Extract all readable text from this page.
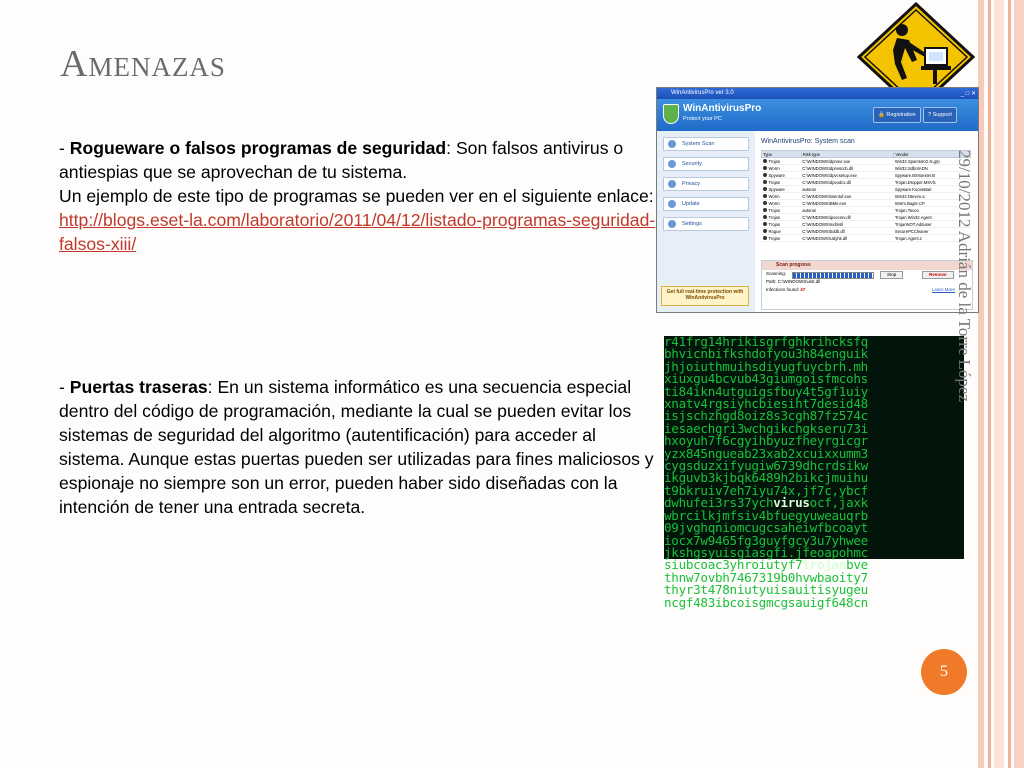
Amenazas
- Rogueware o falsos programas de seguridad: Son falsos antivirus o antiespias que se aprovechan de tu sistema.
Un ejemplo de este tipo de programas se pueden ver en el siguiente enlace:
http://blogs.eset-la.com/laboratorio/2011/04/12/listado-programas-seguridad-falsos-xiii/
WinAntivirusPro ver 3.0	_ □ ✕
WinAntivirusPro
Protect your PC
🔒 Registration	? Support
System Scan
Security
Privacy
Update
Settings
Get full real-time protection with WinAntivirusPro
WinAntivirusPro: System scan
Type	Risk type	Vendor
Trojan	C:\WINDOWS\dpnovr.exe	Win32.SpamtoKG.N.grp
Worm	C:\WINDOWS\dpnvsccb.dll	Win32.SdbotADN
Spyware	C:\WINDOWS\dpvcsetup.exe	Spyware.IEMonster.B
Trojan	C:\WINDOWS\dpvodcx.dll	Trojan.Dropper.MSVlc
Spyware	autorun	Spyware.KooveBait
Worm	C:\WINDOWS\ssentuf.exe	Win32.Nteven.a
Worm	C:\WINDOWS\BMs.exe	Worm.Bagle.CP
Trojan	autorun	Trojan.Tooco
Trojan	C:\WINDOWS\ipoecsrv.dll	Trojan.Win32.Agent
Trojan	C:\WINDOWS\mdmsll	TrojanNOT.Adduser
Rogue	C:\WINDOWS\bddb.dll	SecurePCCleaner
Trojan	C:\WINDOWS\Udyhk.dll	Trojan.Agent.z
Scan progress
Scanning:	Stop	Remove
Path: C:\WINDOWS\ulst.dll
Infections found: 47	Learn More
- Puertas traseras: En un sistema informático es una secuencia especial dentro del código de programación, mediante la cual se pueden evitar los sistemas de seguridad del algoritmo (autentificación) para acceder al sistema. Aunque estas puertas pueden ser utilizadas para fines maliciosos y espionaje no siempre son un error, pueden haber sido diseñadas con la intención de tener una entrada secreta.
r41frg14hrikisgrfghkrihcksfq
bhvicnbifkshdofyou3h84enguik
jhjoiuthmuihsdiyugfuycbrh.mh
xiuxgu4bcvub43giumgoisfmcohs
ti84ikn4utguigsfbuy4t5gf1uiy
xnatv4rgsiyhcbiesiht7desid48
isjschzhgd8oiz8s3cgh87fz574c
iesaechgri3wchgikchgkseru73i
hxoyuh7f6cgyihbyuzfheyrgicgr
yzx845ngueab23xab2xcuixxumm3
cygsduzxifyugiw6739dhcrdsikw
ikguvb3kjbqk6489h2bikcjmuihu
t9bkruiv7eh7iyu74x,jf7c,ybcf
dwhufei3rs37ychvirusocf,jaxk
wbrcilkjmfsiv4bfuegyuweauqrb
09jvghqniomcugcsaheiwfbcoayt
iocx7w9465fg3guyfgcy3u7yhwee
jkshgsyuisgiasgfi.jfeoapohmc
siubcoac3yhroiutyf7trojanbve
thnw7ovbh7467319b0hvwbaoity7
thyr3t478niutyuisauitisyugeu
ncgf483ibcoisgmcgsauigf648cn
29/10/2012 Adrián de la Torre López
5
